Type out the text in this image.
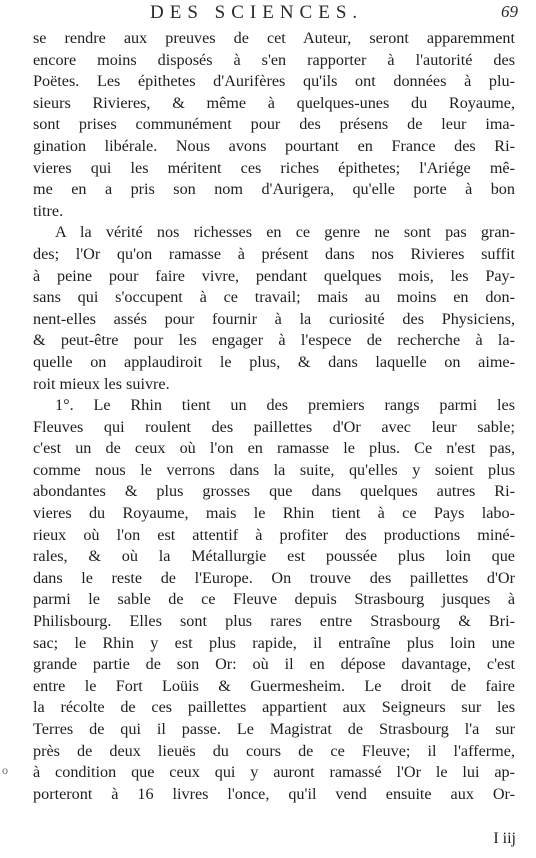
DES SCIENCES.	69
se rendre aux preuves de cet Auteur, seront apparemment
encore moins disposés à s'en rapporter à l'autorité des
Poëtes. Les épithetes d'Aurifères qu'ils ont données à plu-
sieurs Rivieres, & même à quelques-unes du Royaume,
sont prises communément pour des présens de leur ima-
gination libérale. Nous avons pourtant en France des Ri-
vieres qui les méritent ces riches épithetes; l'Ariége mê-
me en a pris son nom d'Aurigera, qu'elle porte à bon
titre.
A la vérité nos richesses en ce genre ne sont pas gran-
des; l'Or qu'on ramasse à présent dans nos Rivieres suffit
à peine pour faire vivre, pendant quelques mois, les Pay-
sans qui s'occupent à ce travail; mais au moins en don-
nent-elles assés pour fournir à la curiosité des Physiciens,
& peut-être pour les engager à l'espece de recherche à la-
quelle on applaudiroit le plus, & dans laquelle on aime-
roit mieux les suivre.
1°. Le Rhin tient un des premiers rangs parmi les
Fleuves qui roulent des paillettes d'Or avec leur sable;
c'est un de ceux où l'on en ramasse le plus. Ce n'est pas,
comme nous le verrons dans la suite, qu'elles y soient plus
abondantes & plus grosses que dans quelques autres Ri-
vieres du Royaume, mais le Rhin tient à ce Pays labo-
rieux où l'on est attentif à profiter des productions miné-
rales, & où la Métallurgie est poussée plus loin que
dans le reste de l'Europe. On trouve des paillettes d'Or
parmi le sable de ce Fleuve depuis Strasbourg jusques à
Philisbourg. Elles sont plus rares entre Strasbourg & Bri-
sac; le Rhin y est plus rapide, il entraîne plus loin une
grande partie de son Or: où il en dépose davantage, c'est
entre le Fort Loüis & Guermesheim. Le droit de faire
la récolte de ces paillettes appartient aux Seigneurs sur les
Terres de qui il passe. Le Magistrat de Strasbourg l'a sur
près de deux lieuës du cours de ce Fleuve; il l'afferme,
à condition que ceux qui y auront ramassé l'Or le lui ap-
porteront à 16 livres l'once, qu'il vend ensuite aux Or-
o
I iij
